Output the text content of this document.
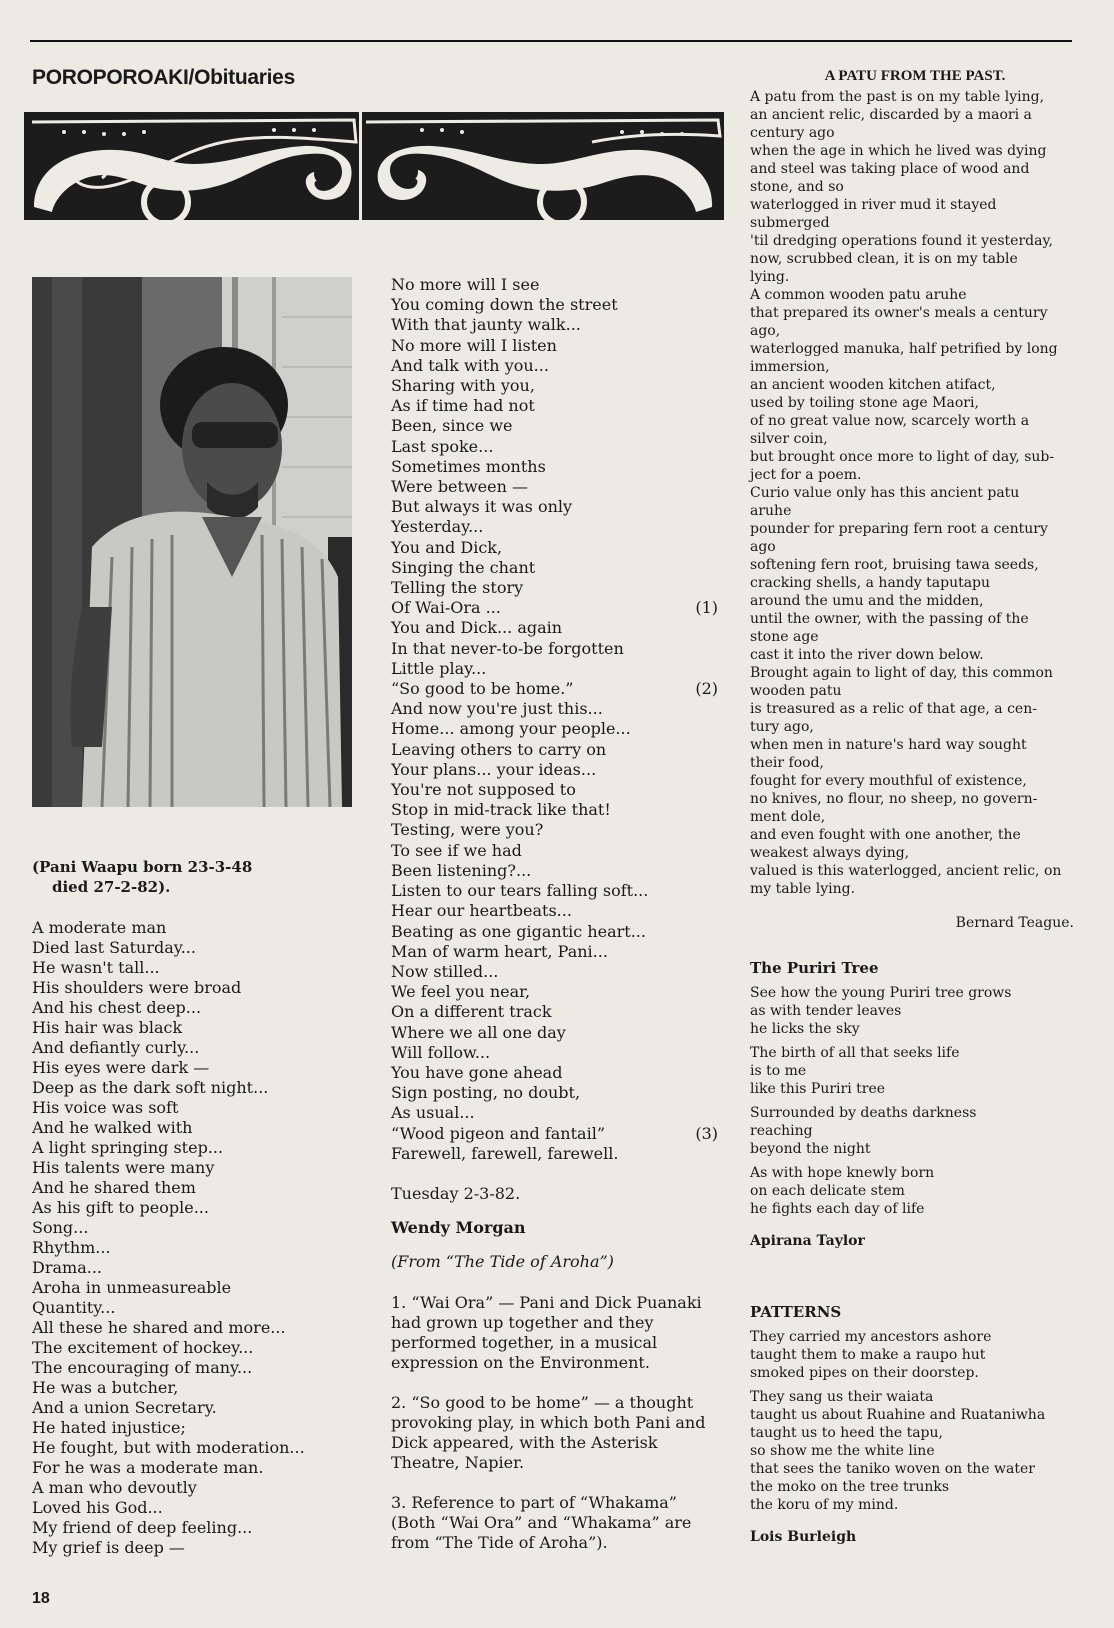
POROPOROAKI/Obituaries
(Pani Waapu born 23-3-48
died 27-2-82).
A moderate man
Died last Saturday...
He wasn't tall...
His shoulders were broad
And his chest deep...
His hair was black
And defiantly curly...
His eyes were dark —
Deep as the dark soft night...
His voice was soft
And he walked with
A light springing step...
His talents were many
And he shared them
As his gift to people...
Song...
Rhythm...
Drama...
Aroha in unmeasureable
Quantity...
All these he shared and more...
The excitement of hockey...
The encouraging of many...
He was a butcher,
And a union Secretary.
He hated injustice;
He fought, but with moderation...
For he was a moderate man.
A man who devoutly
Loved his God...
My friend of deep feeling...
My grief is deep —
No more will I see
You coming down the street
With that jaunty walk...
No more will I listen
And talk with you...
Sharing with you,
As if time had not
Been, since we
Last spoke...
Sometimes months
Were between —
But always it was only
Yesterday...
You and Dick,
Singing the chant
Telling the story
Of Wai-Ora ...	(1)
You and Dick... again
In that never-to-be forgotten
Little play...
“So good to be home.”	(2)
And now you're just this...
Home... among your people...
Leaving others to carry on
Your plans... your ideas...
You're not supposed to
Stop in mid-track like that!
Testing, were you?
To see if we had
Been listening?...
Listen to our tears falling soft...
Hear our heartbeats...
Beating as one gigantic heart...
Man of warm heart, Pani...
Now stilled...
We feel you near,
On a different track
Where we all one day
Will follow...
You have gone ahead
Sign posting, no doubt,
As usual...
“Wood pigeon and fantail”	(3)
Farewell, farewell, farewell.
Tuesday 2-3-82.
Wendy Morgan
(From “The Tide of Aroha”)
1. “Wai Ora” — Pani and Dick Puanaki had grown up together and they performed together, in a musical expression on the Environment.
2. “So good to be home” — a thought provoking play, in which both Pani and Dick appeared, with the Asterisk Theatre, Napier.
3. Reference to part of “Whakama” (Both “Wai Ora” and “Whakama” are from “The Tide of Aroha”).
A PATU FROM THE PAST.
A patu from the past is on my table lying,
an ancient relic, discarded by a maori a
century ago
when the age in which he lived was dying
and steel was taking place of wood and
stone, and so
waterlogged in river mud it stayed
submerged
'til dredging operations found it yesterday,
now, scrubbed clean, it is on my table
lying.
A common wooden patu aruhe
that prepared its owner's meals a century
ago,
waterlogged manuka, half petrified by long
immersion,
an ancient wooden kitchen atifact,
used by toiling stone age Maori,
of no great value now, scarcely worth a
silver coin,
but brought once more to light of day, sub-
ject for a poem.
Curio value only has this ancient patu
aruhe
pounder for preparing fern root a century
ago
softening fern root, bruising tawa seeds,
cracking shells, a handy taputapu
around the umu and the midden,
until the owner, with the passing of the
stone age
cast it into the river down below.
Brought again to light of day, this common
wooden patu
is treasured as a relic of that age, a cen-
tury ago,
when men in nature's hard way sought
their food,
fought for every mouthful of existence,
no knives, no flour, no sheep, no govern-
ment dole,
and even fought with one another, the
weakest always dying,
valued is this waterlogged, ancient relic, on
my table lying.
Bernard Teague.
The Puriri Tree
See how the young Puriri tree grows
as with tender leaves
he licks the sky
The birth of all that seeks life
is to me
like this Puriri tree
Surrounded by deaths darkness
reaching
beyond the night
As with hope knewly born
on each delicate stem
he fights each day of life
Apirana Taylor
PATTERNS
They carried my ancestors ashore
taught them to make a raupo hut
smoked pipes on their doorstep.
They sang us their waiata
taught us about Ruahine and Ruataniwha
taught us to heed the tapu,
so show me the white line
that sees the taniko woven on the water
the moko on the tree trunks
the koru of my mind.
Lois Burleigh
18
